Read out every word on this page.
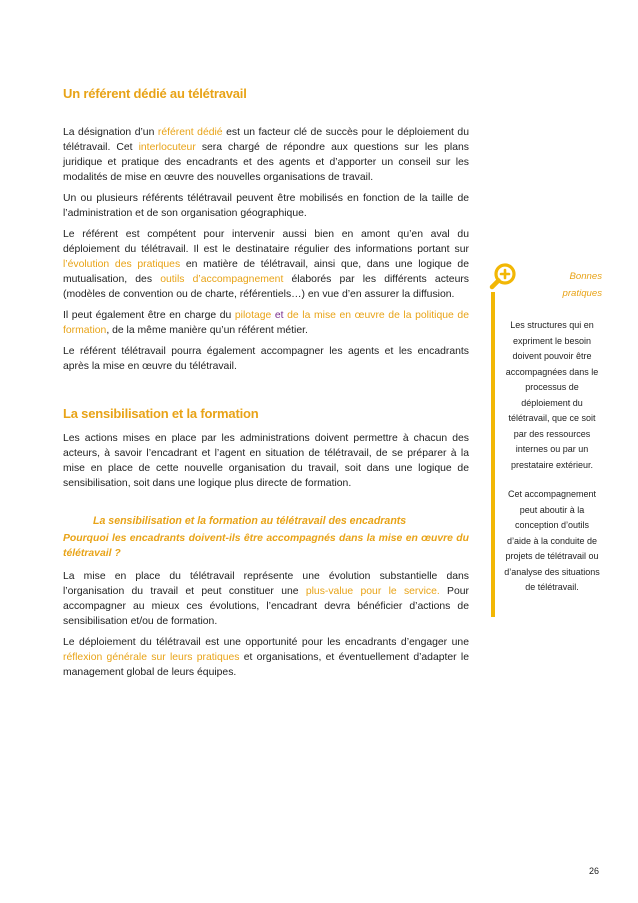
Un référent dédié au télétravail

La désignation d’un référent dédié est un facteur clé de succès pour le déploiement du télétravail. Cet interlocuteur sera chargé de répondre aux questions sur les plans juridique et pratique des encadrants et des agents et d’apporter un conseil sur les modalités de mise en œuvre des nouvelles organisations de travail.

Un ou plusieurs référents télétravail peuvent être mobilisés en fonction de la taille de l’administration et de son organisation géographique.

Le référent est compétent pour intervenir aussi bien en amont qu’en aval du déploiement du télétravail. Il est le destinataire régulier des informations portant sur l’évolution des pratiques en matière de télétravail, ainsi que, dans une logique de mutualisation, des outils d’accompagnement élaborés par les différents acteurs (modèles de convention ou de charte, référentiels…) en vue d’en assurer la diffusion.

Il peut également être en charge du pilotage et de la mise en œuvre de la politique de formation, de la même manière qu’un référent métier.

Le référent télétravail pourra également accompagner les agents et les encadrants après la mise en œuvre du télétravail.

La sensibilisation et la formation

Les actions mises en place par les administrations doivent permettre à chacun des acteurs, à savoir l’encadrant et l’agent en situation de télétravail, de se préparer à la mise en place de cette nouvelle organisation du travail, soit dans une logique de sensibilisation, soit dans une logique plus directe de formation.

La sensibilisation et la formation au télétravail des encadrants

Pourquoi les encadrants doivent-ils être accompagnés dans la mise en œuvre du télétravail ?

La mise en place du télétravail représente une évolution substantielle dans l’organisation du travail et peut constituer une plus-value pour le service. Pour accompagner au mieux ces évolutions, l’encadrant devra bénéficier d’actions de sensibilisation et/ou de formation.

Le déploiement du télétravail est une opportunité pour les encadrants d’engager une réflexion générale sur leurs pratiques et organisations, et éventuellement d’adapter le management global de leurs équipes.

Bonnes
pratiques
Les structures qui en expriment le besoin doivent pouvoir être accompagnées dans le processus de déploiement du télétravail, que ce soit par des ressources internes ou par un prestataire extérieur.
Cet accompagnement peut aboutir à la conception d’outils d’aide à la conduite de projets de télétravail ou d’analyse des situations de télétravail.
26
